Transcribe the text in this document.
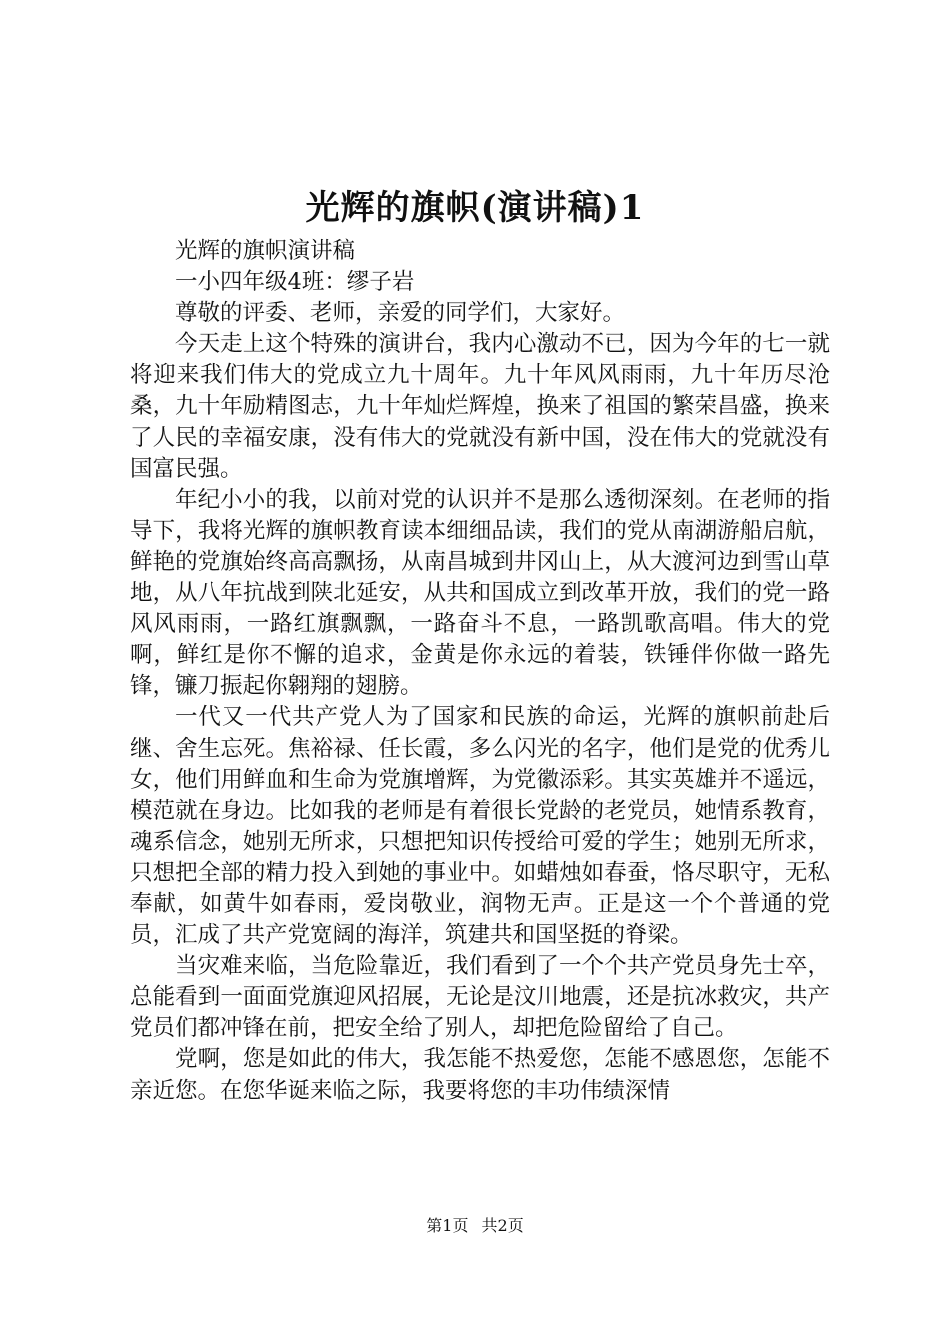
光辉的旗帜(演讲稿)1

光辉的旗帜演讲稿

一小四年级4班：缪子岩

尊敬的评委、老师，亲爱的同学们，大家好。

今天走上这个特殊的演讲台，我内心激动不已，因为今年的七一就将迎来我们伟大的党成立九十周年。九十年风风雨雨，九十年历尽沧桑，九十年励精图志，九十年灿烂辉煌，换来了祖国的繁荣昌盛，换来了人民的幸福安康，没有伟大的党就没有新中国，没在伟大的党就没有国富民强。

年纪小小的我，以前对党的认识并不是那么透彻深刻。在老师的指导下，我将光辉的旗帜教育读本细细品读，我们的党从南湖游船启航，鲜艳的党旗始终高高飘扬，从南昌城到井冈山上，从大渡河边到雪山草地，从八年抗战到陕北延安，从共和国成立到改革开放，我们的党一路风风雨雨，一路红旗飘飘，一路奋斗不息，一路凯歌高唱。伟大的党啊，鲜红是你不懈的追求，金黄是你永远的着装，铁锤伴你做一路先锋，镰刀振起你翱翔的翅膀。

一代又一代共产党人为了国家和民族的命运，光辉的旗帜前赴后继、舍生忘死。焦裕禄、任长霞，多么闪光的名字，他们是党的优秀儿女，他们用鲜血和生命为党旗增辉，为党徽添彩。其实英雄并不遥远，模范就在身边。比如我的老师是有着很长党龄的老党员，她情系教育，魂系信念，她别无所求，只想把知识传授给可爱的学生；她别无所求，只想把全部的精力投入到她的事业中。如蜡烛如春蚕，恪尽职守，无私奉献，如黄牛如春雨，爱岗敬业，润物无声。正是这一个个普通的党员，汇成了共产党宽阔的海洋，筑建共和国坚挺的脊梁。

当灾难来临，当危险靠近，我们看到了一个个共产党员身先士卒，总能看到一面面党旗迎风招展，无论是汶川地震，还是抗冰救灾，共产党员们都冲锋在前，把安全给了别人，却把危险留给了自己。

党啊，您是如此的伟大，我怎能不热爱您，怎能不感恩您，怎能不亲近您。在您华诞来临之际，我要将您的丰功伟绩深情

第1页 共2页
